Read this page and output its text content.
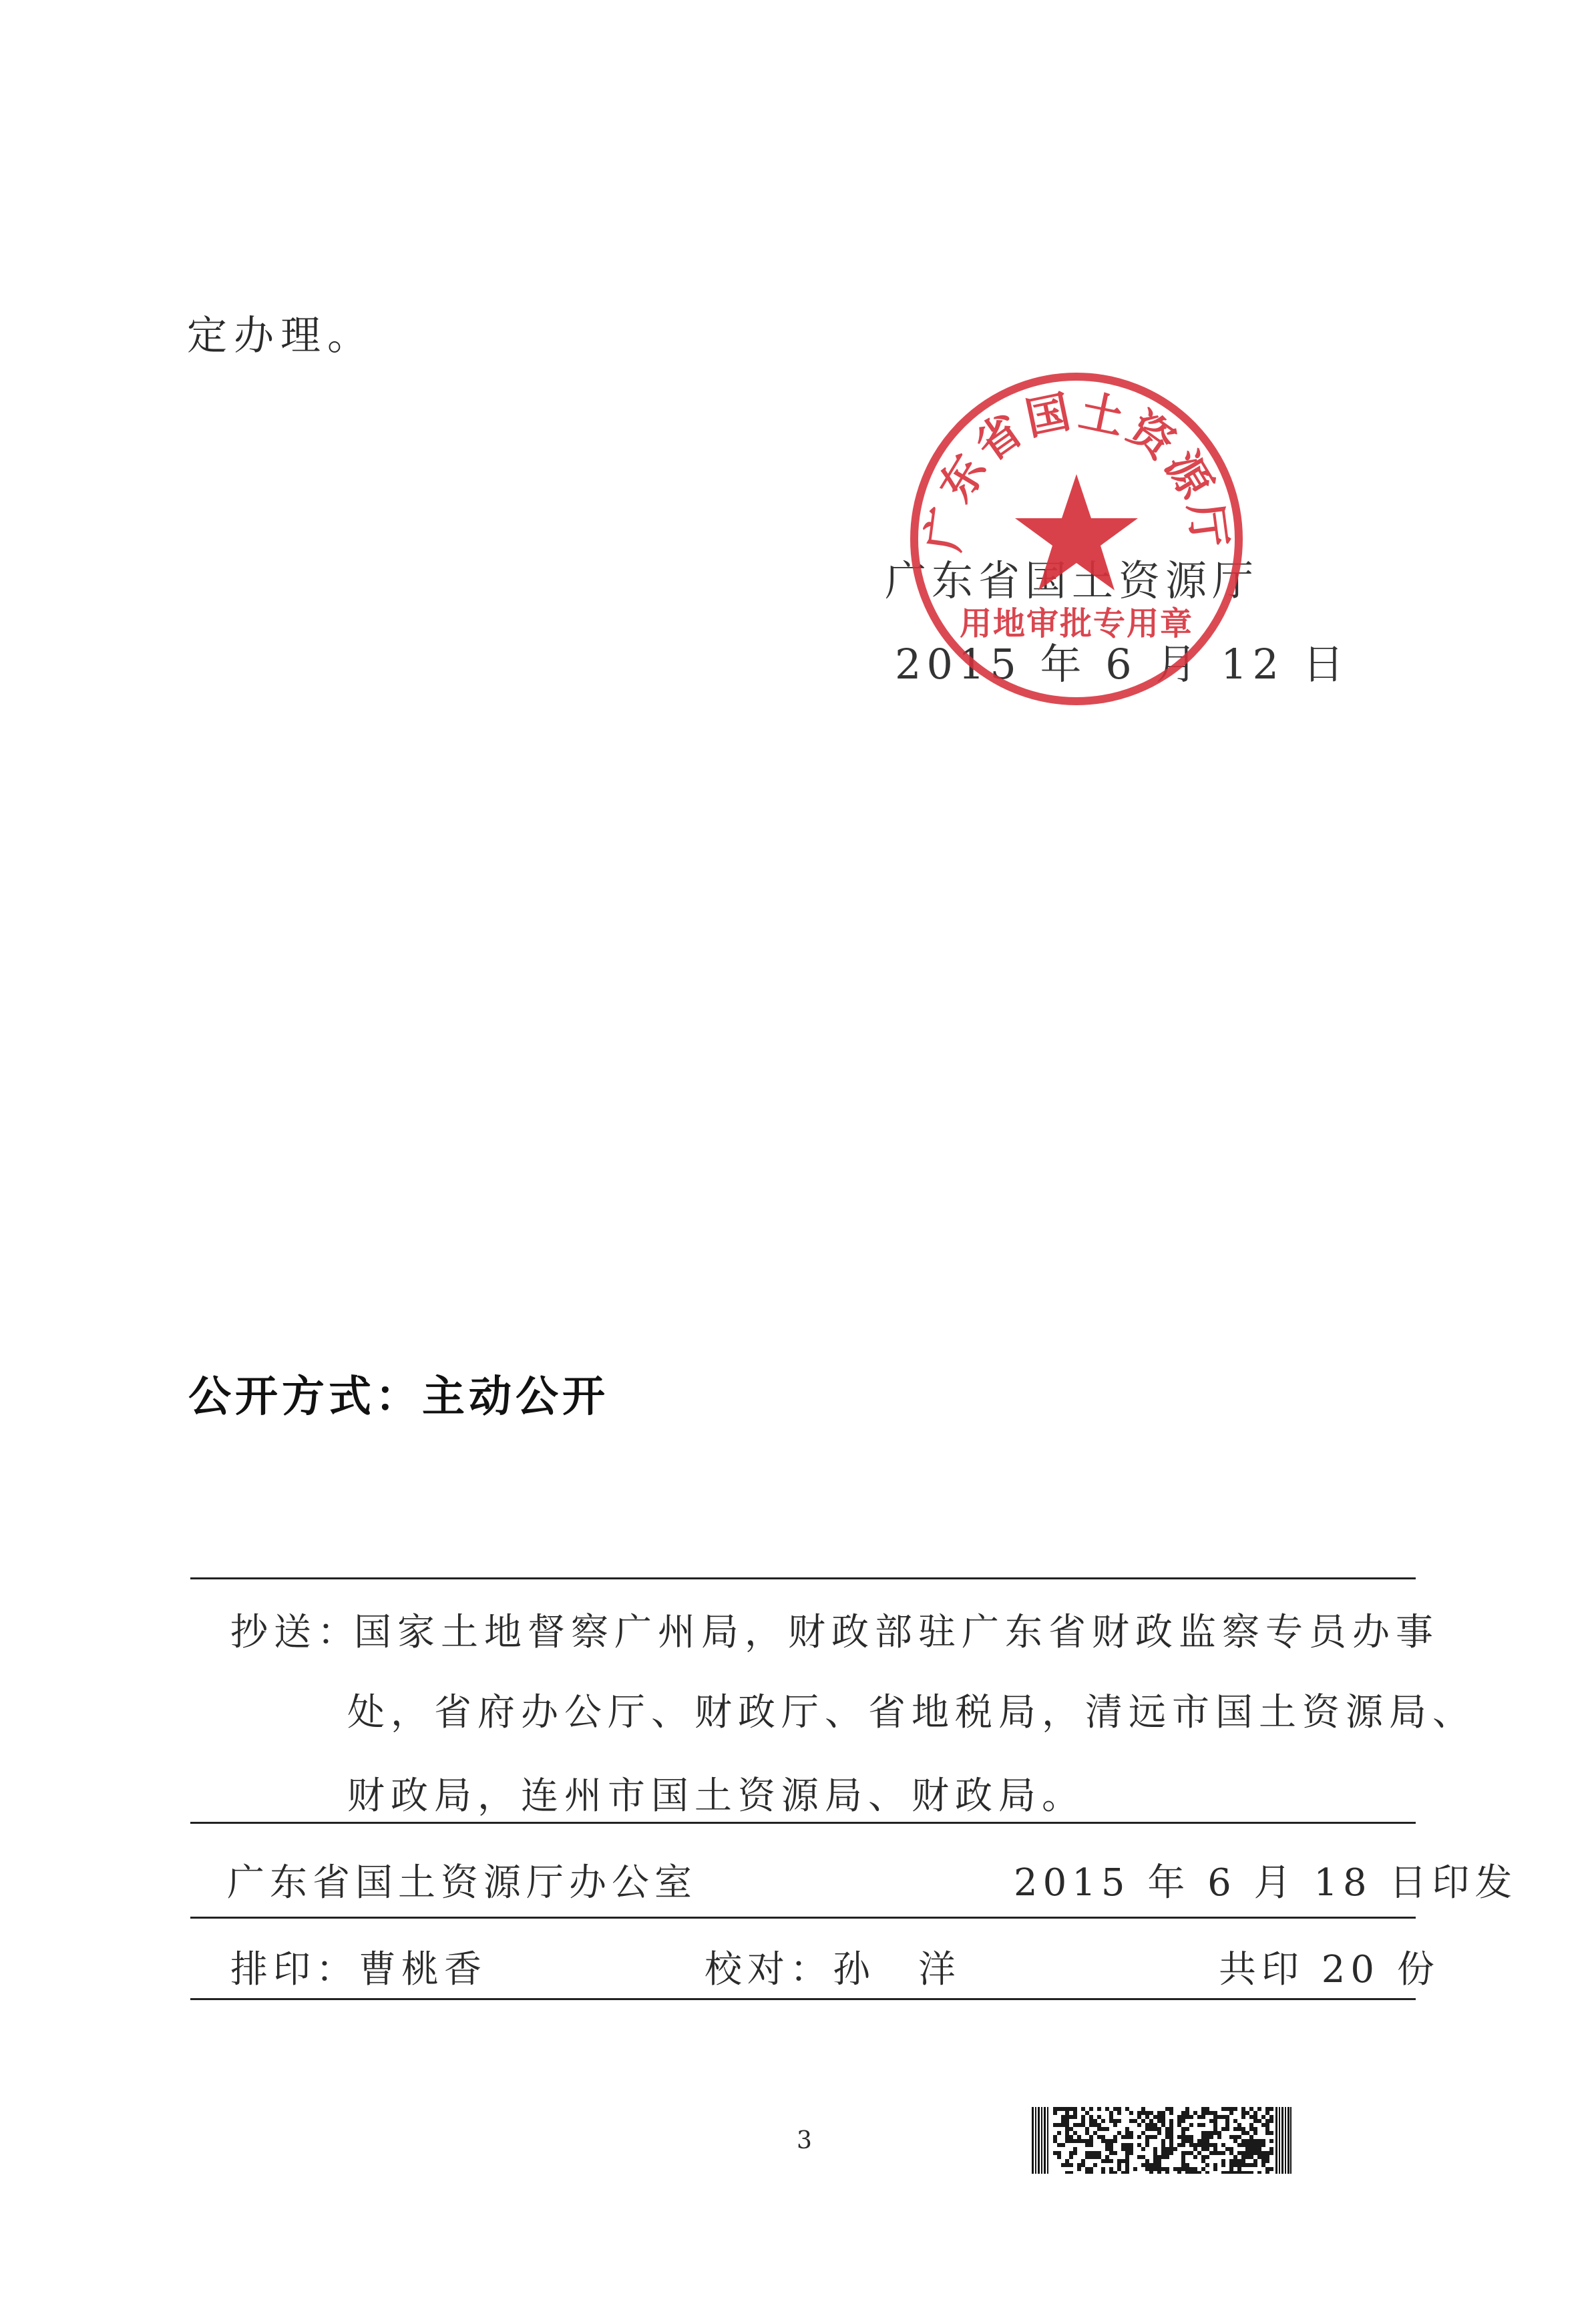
定办理。
广东省国土资源厅
2015 年 6 月 12 日
广东省国土资源厅
用地审批专用章
公开方式：主动公开
抄送：
国家土地督察广州局，财政部驻广东省财政监察专员办事
处，省府办公厅、财政厅、省地税局，清远市国土资源局、
财政局，连州市国土资源局、财政局。
广东省国土资源厅办公室	2015 年 6 月 18 日印发
排印：曹桃香	校对：孙　洋	共印 20 份
3
